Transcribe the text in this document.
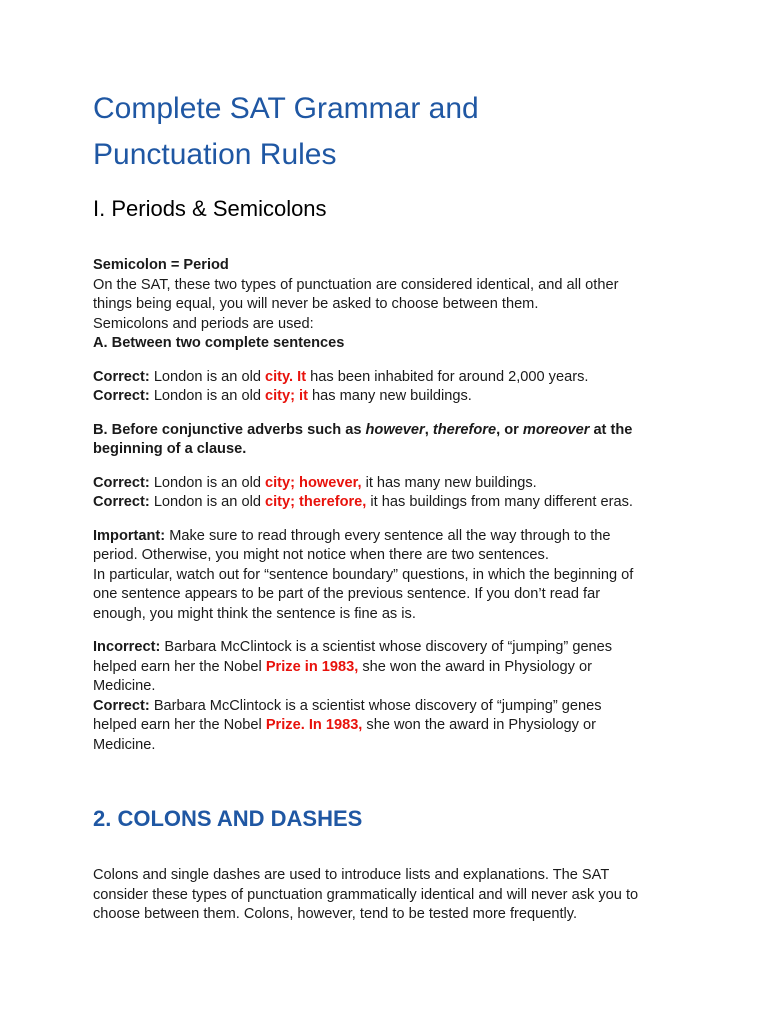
Complete SAT Grammar and
Punctuation Rules
I. Periods & Semicolons

Semicolon = Period

On the SAT, these two types of punctuation are considered identical, and all other

things being equal, you will never be asked to choose between them.

Semicolons and periods are used:

A. Between two complete sentences

Correct: London is an old city. It has been inhabited for around 2,000 years.

Correct: London is an old city; it has many new buildings.

B. Before conjunctive adverbs such as however, therefore, or moreover at the

beginning of a clause.

Correct: London is an old city; however, it has many new buildings.

Correct: London is an old city; therefore, it has buildings from many different eras.

Important: Make sure to read through every sentence all the way through to the

period. Otherwise, you might not notice when there are two sentences.

In particular, watch out for “sentence boundary” questions, in which the beginning of

one sentence appears to be part of the previous sentence. If you don’t read far

enough, you might think the sentence is fine as is.

Incorrect: Barbara McClintock is a scientist whose discovery of “jumping” genes

helped earn her the Nobel Prize in 1983, she won the award in Physiology or

Medicine.

Correct: Barbara McClintock is a scientist whose discovery of “jumping” genes

helped earn her the Nobel Prize. In 1983, she won the award in Physiology or

Medicine.

2. COLONS AND DASHES

Colons and single dashes are used to introduce lists and explanations. The SAT

consider these types of punctuation grammatically identical and will never ask you to

choose between them. Colons, however, tend to be tested more frequently.
